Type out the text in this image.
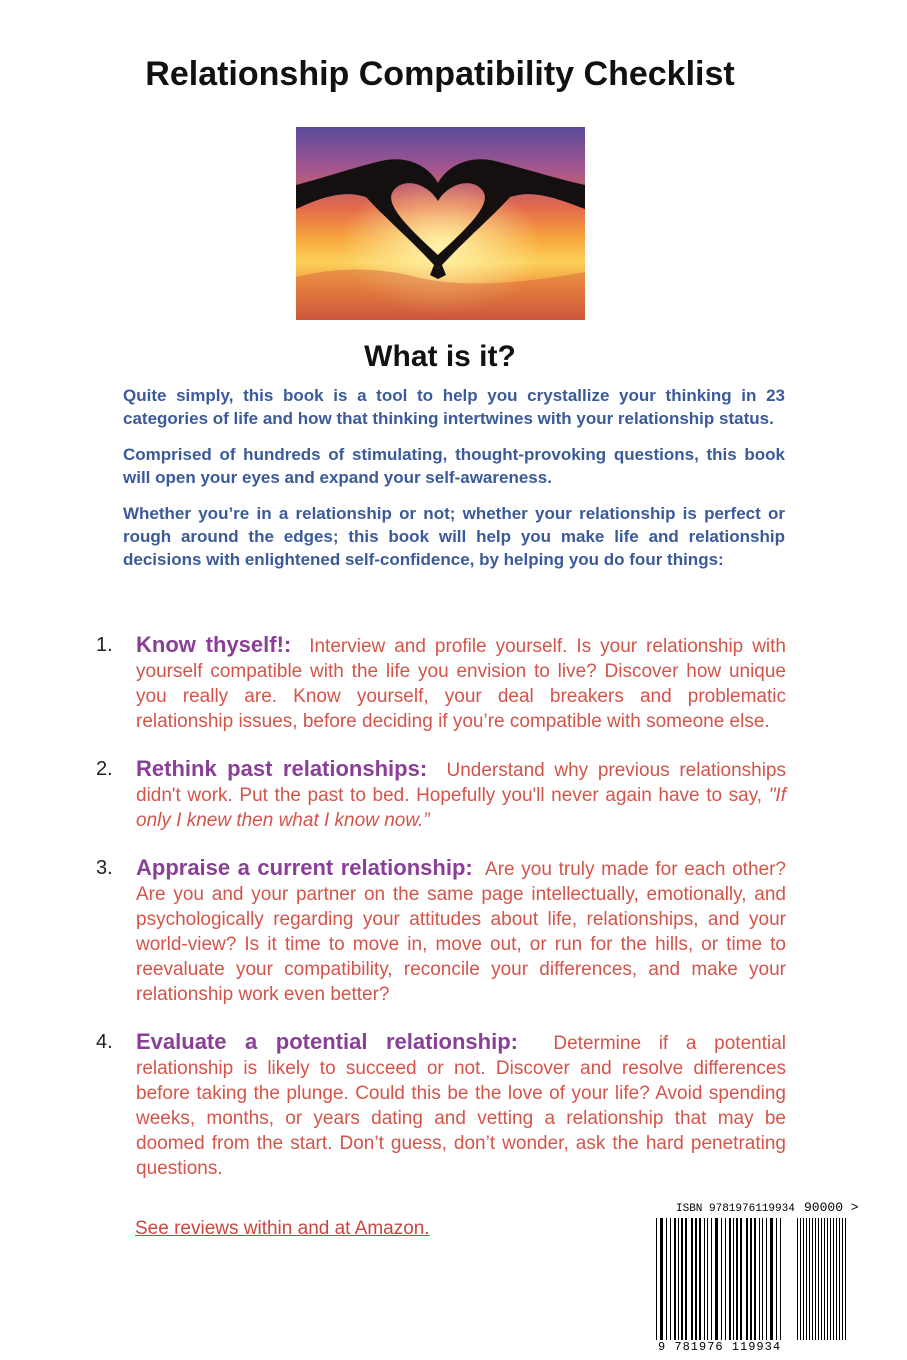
Relationship Compatibility Checklist
What is it?

Quite simply, this book is a tool to help you crystallize your thinking in 23 categories of life and how that thinking intertwines with your relationship status.

Comprised of hundreds of stimulating, thought-provoking questions, this book will open your eyes and expand your self-awareness.

Whether you’re in a relationship or not; whether your relationship is perfect or rough around the edges; this book will help you make life and relationship decisions with enlightened self-confidence, by helping you do four things:

1. Know thyself!: Interview and profile yourself. Is your relationship with yourself compatible with the life you envision to live? Discover how unique you really are. Know yourself, your deal breakers and problematic relationship issues, before deciding if you’re compatible with someone else.
2. Rethink past relationships: Understand why previous relationships didn't work. Put the past to bed. Hopefully you'll never again have to say, "If only I knew then what I know now.”
3. Appraise a current relationship: Are you truly made for each other? Are you and your partner on the same page intellectually, emotionally, and psychologically regarding your attitudes about life, relationships, and your world-view? Is it time to move in, move out, or run for the hills, or time to reevaluate your compatibility, reconcile your differences, and make your relationship work even better?
4. Evaluate a potential relationship: Determine if a potential relationship is likely to succeed or not. Discover and resolve differences before taking the plunge. Could this be the love of your life? Avoid spending weeks, months, or years dating and vetting a relationship that may be doomed from the start. Don’t guess, don’t wonder, ask the hard penetrating questions.
See reviews within and at Amazon.
ISBN 9781976119934 90000 >
9 781976 119934
